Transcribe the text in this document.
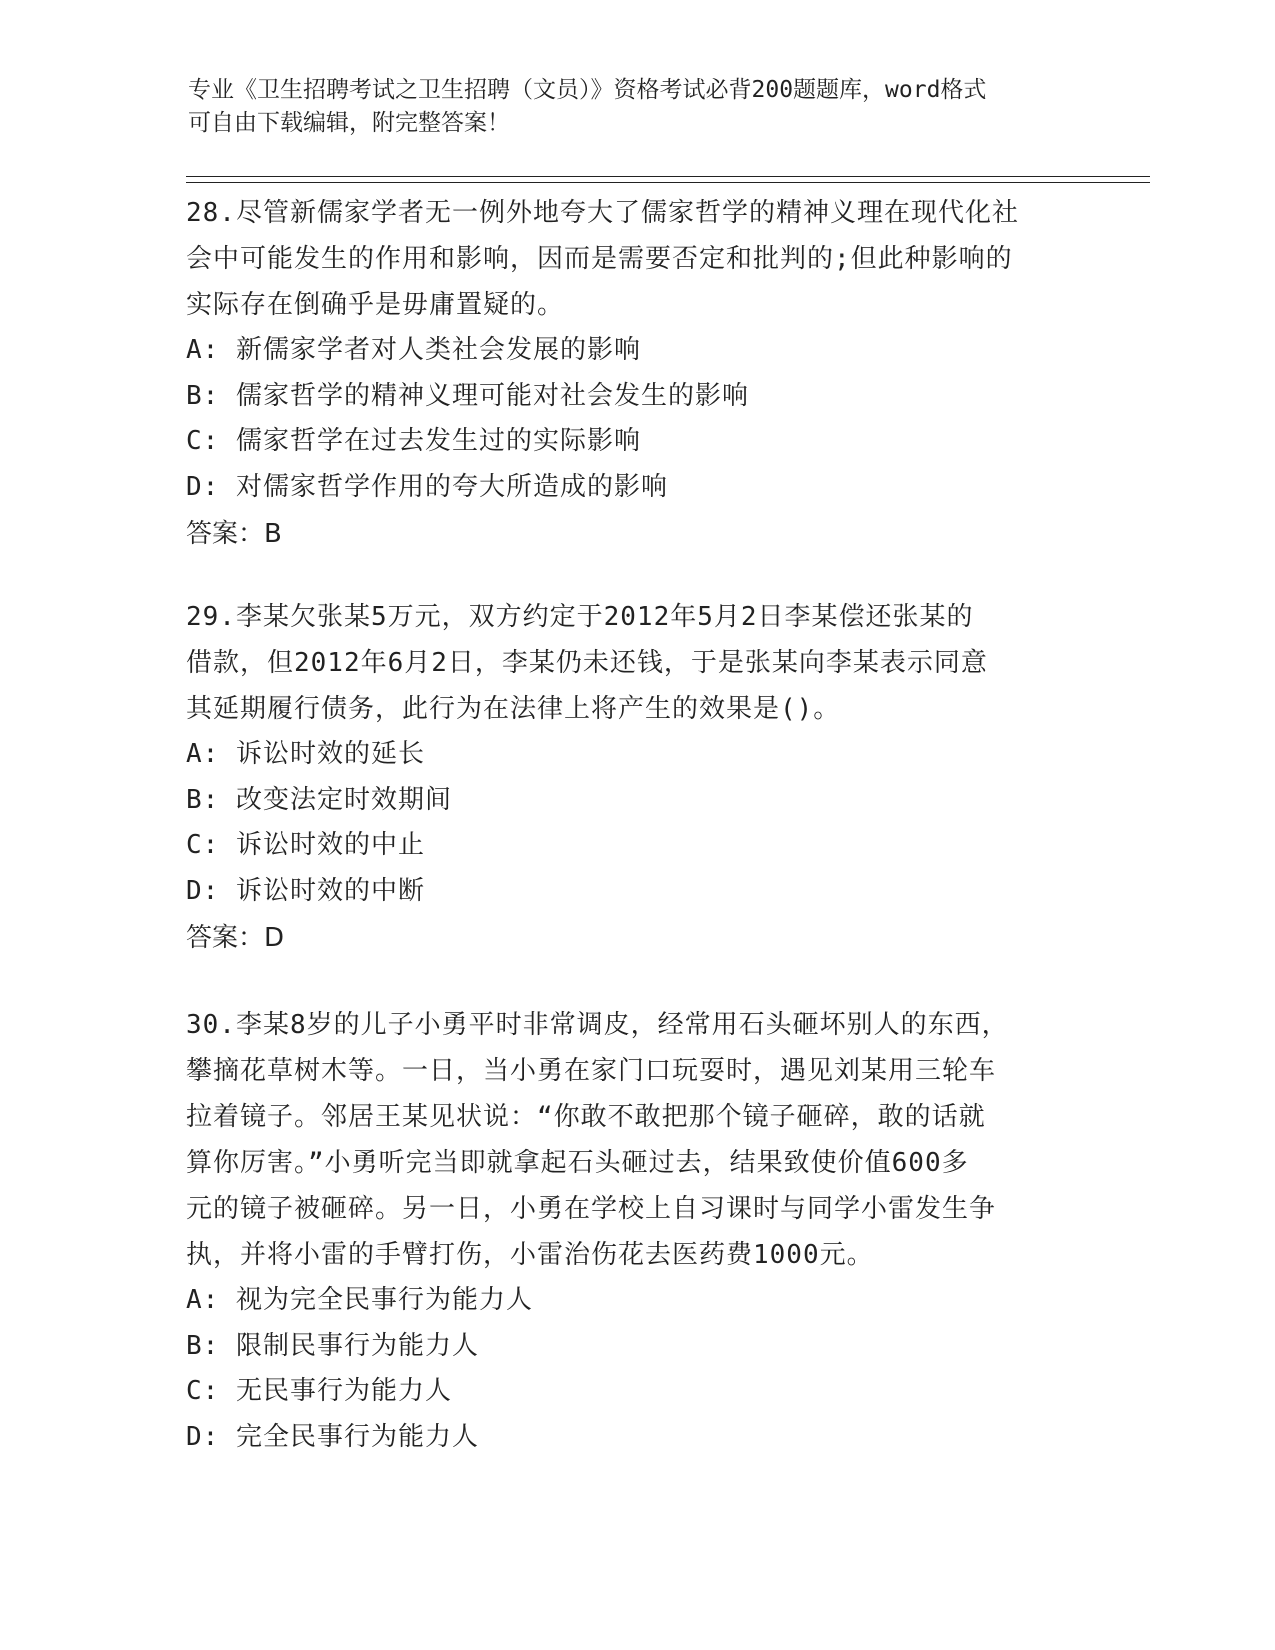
专业《卫生招聘考试之卫生招聘（文员）》资格考试必背200题题库，word格式
可自由下载编辑，附完整答案！

28.尽管新儒家学者无一例外地夸大了儒家哲学的精神义理在现代化社

会中可能发生的作用和影响，因而是需要否定和批判的;但此种影响的

实际存在倒确乎是毋庸置疑的。

A: 新儒家学者对人类社会发展的影响

B: 儒家哲学的精神义理可能对社会发生的影响

C: 儒家哲学在过去发生过的实际影响

D: 对儒家哲学作用的夸大所造成的影响

答案：B

29.李某欠张某5万元，双方约定于2012年5月2日李某偿还张某的

借款，但2012年6月2日，李某仍未还钱，于是张某向李某表示同意

其延期履行债务，此行为在法律上将产生的效果是()。

A: 诉讼时效的延长

B: 改变法定时效期间

C: 诉讼时效的中止

D: 诉讼时效的中断

答案：D

30.李某8岁的儿子小勇平时非常调皮，经常用石头砸坏别人的东西，

攀摘花草树木等。一日，当小勇在家门口玩耍时，遇见刘某用三轮车

拉着镜子。邻居王某见状说：“你敢不敢把那个镜子砸碎，敢的话就

算你厉害。”小勇听完当即就拿起石头砸过去，结果致使价值600多

元的镜子被砸碎。另一日，小勇在学校上自习课时与同学小雷发生争

执，并将小雷的手臂打伤，小雷治伤花去医药费1000元。

A: 视为完全民事行为能力人

B: 限制民事行为能力人

C: 无民事行为能力人

D: 完全民事行为能力人
